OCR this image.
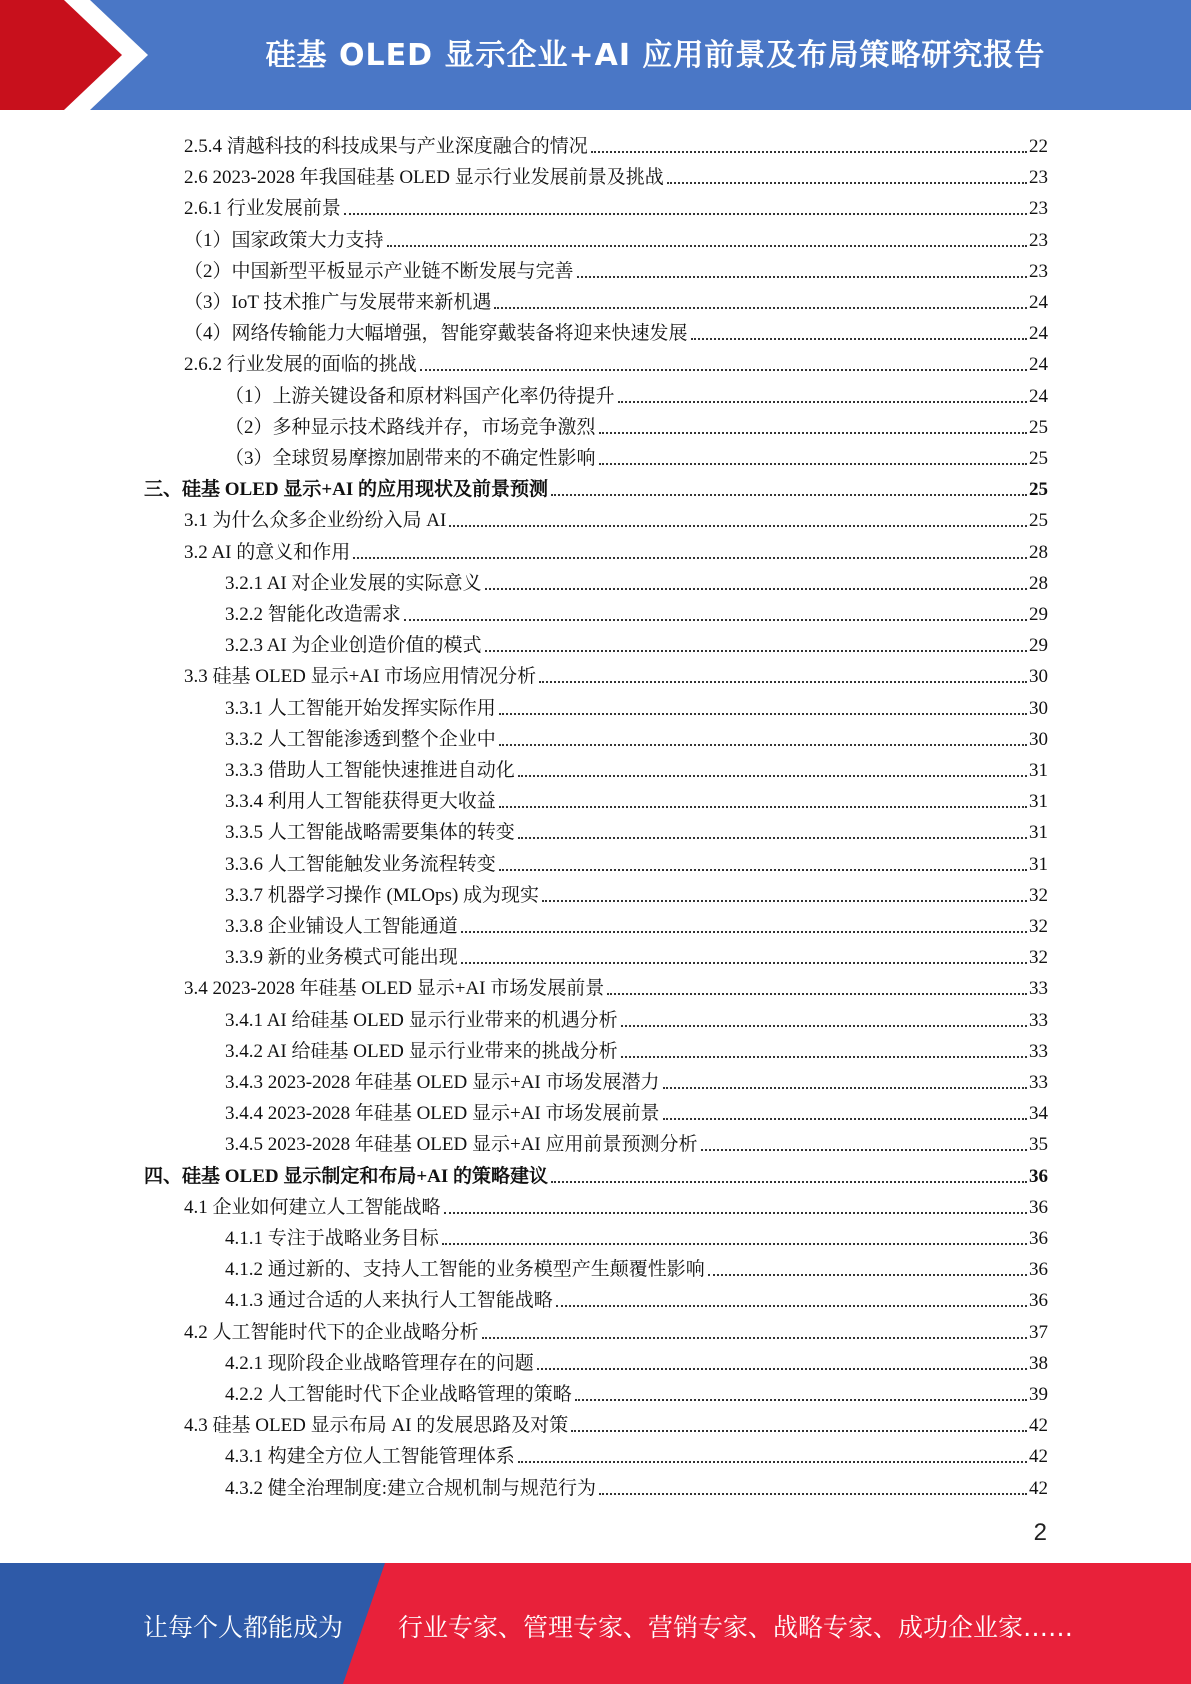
硅基 OLED 显示企业+AI 应用前景及布局策略研究报告
2.5.4 清越科技的科技成果与产业深度融合的情况	22
2.6 2023-2028 年我国硅基 OLED 显示行业发展前景及挑战	23
2.6.1 行业发展前景	23
（1）国家政策大力支持	23
（2）中国新型平板显示产业链不断发展与完善	23
（3）IoT 技术推广与发展带来新机遇	24
（4）网络传输能力大幅增强，智能穿戴装备将迎来快速发展	24
2.6.2 行业发展的面临的挑战	24
（1）上游关键设备和原材料国产化率仍待提升	24
（2）多种显示技术路线并存，市场竞争激烈	25
（3）全球贸易摩擦加剧带来的不确定性影响	25
三、硅基 OLED 显示+AI 的应用现状及前景预测	25
3.1 为什么众多企业纷纷入局 AI	25
3.2 AI 的意义和作用	28
3.2.1 AI 对企业发展的实际意义	28
3.2.2 智能化改造需求	29
3.2.3 AI 为企业创造价值的模式	29
3.3 硅基 OLED 显示+AI 市场应用情况分析	30
3.3.1 人工智能开始发挥实际作用	30
3.3.2 人工智能渗透到整个企业中	30
3.3.3 借助人工智能快速推进自动化	31
3.3.4 利用人工智能获得更大收益	31
3.3.5 人工智能战略需要集体的转变	31
3.3.6 人工智能触发业务流程转变	31
3.3.7 机器学习操作 (MLOps) 成为现实	32
3.3.8 企业铺设人工智能通道	32
3.3.9 新的业务模式可能出现	32
3.4 2023-2028 年硅基 OLED 显示+AI 市场发展前景	33
3.4.1 AI 给硅基 OLED 显示行业带来的机遇分析	33
3.4.2 AI 给硅基 OLED 显示行业带来的挑战分析	33
3.4.3 2023-2028 年硅基 OLED 显示+AI 市场发展潜力	33
3.4.4 2023-2028 年硅基 OLED 显示+AI 市场发展前景	34
3.4.5 2023-2028 年硅基 OLED 显示+AI 应用前景预测分析	35
四、硅基 OLED 显示制定和布局+AI 的策略建议	36
4.1 企业如何建立人工智能战略	36
4.1.1 专注于战略业务目标	36
4.1.2 通过新的、支持人工智能的业务模型产生颠覆性影响	36
4.1.3 通过合适的人来执行人工智能战略	36
4.2 人工智能时代下的企业战略分析	37
4.2.1 现阶段企业战略管理存在的问题	38
4.2.2 人工智能时代下企业战略管理的策略	39
4.3 硅基 OLED 显示布局 AI 的发展思路及对策	42
4.3.1 构建全方位人工智能管理体系	42
4.3.2 健全治理制度:建立合规机制与规范行为	42
2
让每个人都能成为 行业专家、管理专家、营销专家、战略专家、成功企业家……
